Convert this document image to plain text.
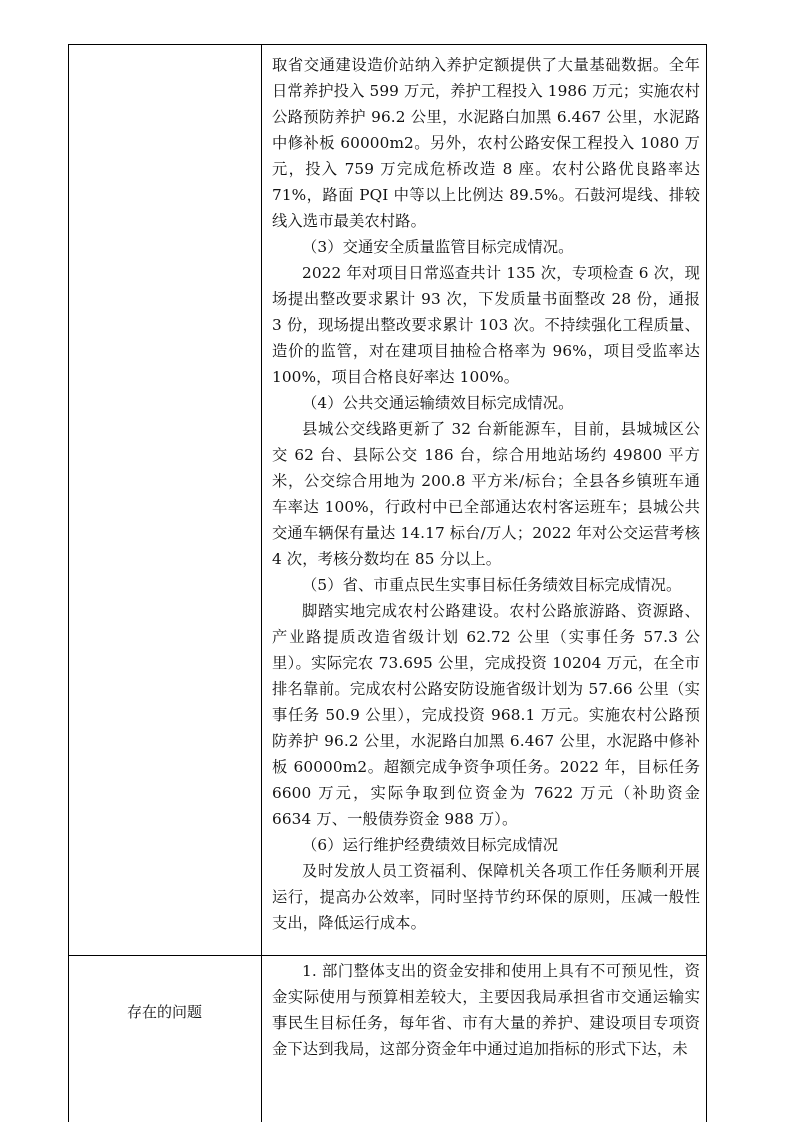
取省交通建设造价站纳入养护定额提供了大量基础数据。全年日常养护投入 599 万元，养护工程投入 1986 万元；实施农村公路预防养护 96.2 公里，水泥路白加黑 6.467 公里，水泥路中修补板 60000m2。另外，农村公路安保工程投入 1080 万元，投入 759 万完成危桥改造 8 座。农村公路优良路率达 71%，路面 PQI 中等以上比例达 89.5%。石鼓河堤线、排较线入选市最美农村路。

（3）交通安全质量监管目标完成情况。

2022 年对项目日常巡查共计 135 次，专项检查 6 次，现场提出整改要求累计 93 次，下发质量书面整改 28 份，通报 3 份，现场提出整改要求累计 103 次。不持续强化工程质量、造价的监管，对在建项目抽检合格率为 96%，项目受监率达 100%，项目合格良好率达 100%。

（4）公共交通运输绩效目标完成情况。

县城公交线路更新了 32 台新能源车，目前，县城城区公交 62 台、县际公交 186 台，综合用地站场约 49800 平方米，公交综合用地为 200.8 平方米/标台；全县各乡镇班车通车率达 100%，行政村中已全部通达农村客运班车；县城公共交通车辆保有量达 14.17 标台/万人；2022 年对公交运营考核 4 次，考核分数均在 85 分以上。

（5）省、市重点民生实事目标任务绩效目标完成情况。

脚踏实地完成农村公路建设。农村公路旅游路、资源路、产业路提质改造省级计划 62.72 公里（实事任务 57.3 公里）。实际完农 73.695 公里，完成投资 10204 万元，在全市排名靠前。完成农村公路安防设施省级计划为 57.66 公里（实事任务 50.9 公里），完成投资 968.1 万元。实施农村公路预防养护 96.2 公里，水泥路白加黑 6.467 公里，水泥路中修补板 60000m2。超额完成争资争项任务。2022 年，目标任务 6600 万元，实际争取到位资金为 7622 万元（补助资金 6634 万、一般债券资金 988 万）。

（6）运行维护经费绩效目标完成情况

及时发放人员工资福利、保障机关各项工作任务顺利开展运行，提高办公效率，同时坚持节约环保的原则，压减一般性支出，降低运行成本。

存在的问题

1. 部门整体支出的资金安排和使用上具有不可预见性，资金实际使用与预算相差较大，主要因我局承担省市交通运输实事民生目标任务，每年省、市有大量的养护、建设项目专项资金下达到我局，这部分资金年中通过追加指标的形式下达，未
